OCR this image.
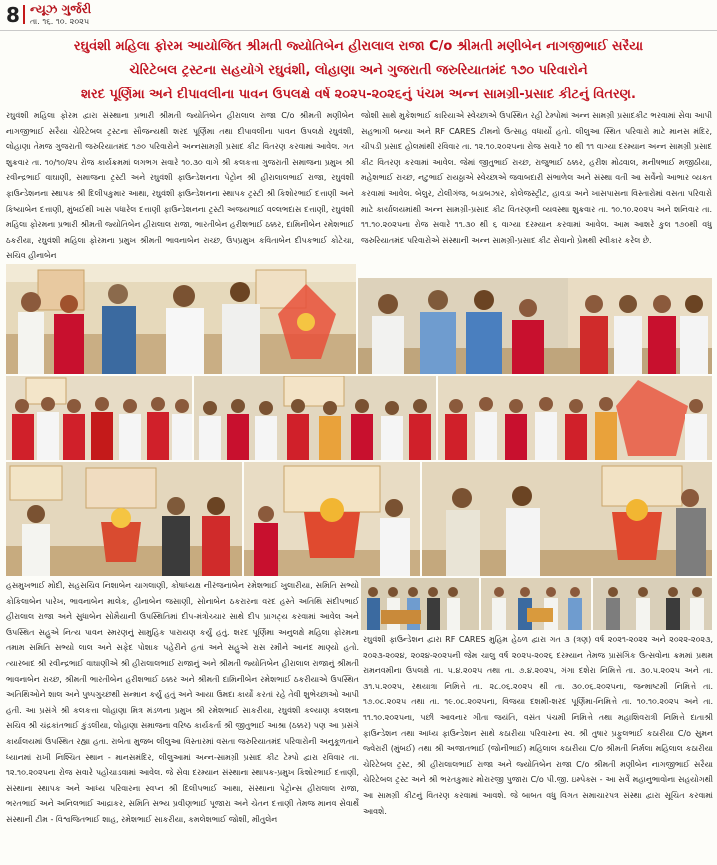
8 ન્યૂઝ ગુર્જરી
તા. ૧૬. ૧૦. ૨૦૨૫
રઘુવંશી મહિલા ફોરમ આયોજિત શ્રીમતી જ્યોતિબેન હીરાલાલ રાજા C/o શ્રીમતી મણીબેન નાગજીભાઈ સરૈયા
ચેરિટેબલ ટ્રસ્ટના સહયોગે રઘુવંશી, લોહાણા અને ગુજરાતી જરુરિયાતમંદ ૧૭૦ પરિવારોને
શરદ પૂર્ણિમા અને દીપાવલીના પાવન ઉપલક્ષે વર્ષ ૨૦૨૫-૨૦૨૬નું પંચમ અન્ન સામગ્રી-પ્રસાદ કીટનું વિતરણ.
રઘુવંશી મહિલા ફોરમ દ્વારા સંસ્થાના પ્રભારી શ્રીમતી જ્યોતિબેન હીરાલાલ રાજા C/o શ્રીમતી મણીબેન નાગજીભાઈ સરૈયા ચેરિટેબલ ટ્રસ્ટના સૌજન્યથી શરદ પૂર્ણિમા તથા દીપાવલીના પાવન ઉપલક્ષે રઘુવંશી, લોહાણા તેમજ ગુજરાતી જરુરિયાતમંદ ૧૭૦ પરિવારોને અન્નસામગ્રી પ્રસાદ કીટ વિતરણ કરવામાં આવેલ. ગત શુક્રવાર તા. ૧૦/૧૦/૨૫ રોજ કાર્યક્રમમાં લગભગ સવારે ૧૦.૩૦ વાગે શ્રી કલકત્તા ગુજરાતી સમાજના પ્રમુખ શ્રી રવીન્દ્રભાઈ વાઘાણી, સમાજના ટ્રસ્ટી અને રઘુવંશી ફાઉન્ડેશનના પેટ્રોન શ્રી હીરાલાલભાઈ રાજા, રઘુવંશી ફાઉન્ડેશનના સ્થાપક શ્રી દિલીપકુમાર આથા, રઘુવંશી ફાઉન્ડેશનના સ્થાપક ટ્રસ્ટી શ્રી કિશોરભાઈ દત્તાણી અને કિષ્યાબેન દત્તાણી, મુંબઈથી ખાસ પધારેલ દત્તાણી ફાઉન્ડેશનના ટ્રસ્ટી અજયભાઈ વલ્લભદાસ દત્તાણી, રઘુવંશી મહિલા ફોરમના પ્રભારી શ્રીમતી જ્યોતિબેન હીરાલાલ રાજા, ભારતીબેન હરીશભાઈ ઠક્કર, દામિનીબેન રમેશભાઈ ઠકરીયા, રઘુવંશી મહિલા ફોરમના પ્રમુખ શ્રીમતી ભાવનાબેન રાચ્છ, ઉપપ્રમુખ કવિતાબેન દીપકભાઈ કોટેચા, સચિવ હીનાબેન
જોશી સાથે મુકેશભાઈ કારિયાએ સ્વેચ્છાએ ઉપસ્થિત રહી ટેમ્પોમાં અન્ન સામગ્રી પ્રસાદકીટ ભરવામાં સેવા આપી સહભાગી બન્યા અને RF CARES ટીમનો ઉત્સાહ વધાર્યો હતો. લીલુઆ સ્થિત પરિવારો માટે માનસ મંદિર, ચીપડી પ્રસાદ હોલમાંથી રવિવાર તા. ૧૨.૧૦.૨૦૨૫ના રોજ સવારે ૧૦ થી ૧૧ વાગ્યા દરમ્યાન અન્ન સામગ્રી પ્રસાદ કીટ વિતરણ કરવામાં આવેલ. જેમાં જીતુભાઈ રાચ્છ, રાજુભાઈ ઠક્કર, હરીશ મોઢવાલ, મનીષભાઈ મજીઠીયા, મહેશભાઈ રાચ્છ, નટુભાઈ રાયઠ્ઠાએ સ્વેચ્છાએ જવાબદારી સંભાળેલ અને સંસ્થા વતી આ સર્વેનો આભાર વ્યક્ત કરવામાં આવેલ. બેલુર, ટોલીગંજ, બડાબઝાર, કોલેજસ્ટ્રીટ, હાવડા અને ખાસપાસના વિસ્તારોમાં વસતા પરિવારો માટે કાર્યાલયમાંથી અન્ન સામગ્રી-પ્રસાદ કીટ વિતરણની વ્યવસ્થા શુક્રવાર તા. ૧૦.૧૦.૨૦૨૫ અને શનિવાર તા. ૧૧.૧૦.૨૦૨૫ના રોજ સવારે ૧૧.૩૦ થી ૬ વાગ્યા દરમ્યાન કરવામાં આવેલ. આમ આશરે કુલ ૧૭૦થી વધુ જરુરિયાતમંદ પરિવારોએ સંસ્થાની અન્ન સામગ્રી-પ્રસાદ કીટ સેવાનો પ્રેમથી સ્વીકાર કરેલ છે.
હસમુખભાઈ મોદી, સહસચિવ નિશાબેન ચાગલાણી, કોષાધ્યક્ષ નીરંજનાબેન રમેશભાઈ ખુલારીયા, સમિતિ સભ્યો કોકિલાબેન પારેખ, ભાવનાબેન માલેક, હીનાબેન જસાણી, સોનાબેન ઠકરારના વરદ હસ્તે અતિથિ સંદીપભાઈ હીરાલાલ રાજા અને સુધાબેન સોમૈયાની ઉપસ્થિતિમાં દીપ-મંત્રોચ્ચાર સાથે દીપ પ્રાગટ્ય કરવામાં આવેલ અને ઉપસ્થિત સહુએ નિત્ય પાવન સ્મરણનું સામુહિક પારાયણ કર્યું હતું. શરદ પૂર્ણિમા અનુલક્ષે મહિલા ફોરમના તમામ સમિતિ સભ્યો લાલ અને સફેદ પોશાક પહેરીને હતાં અને સહુએ રાસ રમીને આનંદ માણ્યો હતો. ત્યારબાદ શ્રી રવીન્દ્રભાઈ વાઘાણીએ શ્રી હીરાલાલભાઈ રાજાનું અને શ્રીમતી જ્યોતિબેન હીરાલાલ રાજાનું શ્રીમતી ભાવનાબેન રાચ્છ, શ્રીમતી ભારતીબેન હરીશભાઈ ઠક્કર અને શ્રીમતી દામિનીબેન રમેશભાઈ ઠકરીયાએ ઉપસ્થિત અતિથિઓને શાલ અને પુષ્પગુચ્છથી સન્માન કર્યું હતું અને આયા ઉમદા કાર્યો કરતાં રહે તેવી શુભેચ્છાઓ આપી હતી. આ પ્રસંગે શ્રી કલકત્તા લોહાણા મિત્ર મંડળના પ્રમુખ શ્રી રમેશભાઈ સાકરીયા, રઘુવંશી કલ્યાણ કલશના સચિવ શ્રી ચંદ્રકાંતભાઈ કુંડલીયા, લોહાણા સમાજના વરિષ્ઠ કાર્યકર્તા શ્રી જીતુભાઈ આશ્રા (ઠક્કર) પણ આ પ્રસંગે કાર્યાલયમાં ઉપસ્થિત રહ્યા હતા. રાબેતા મુજબ લીલુઆ વિસ્તારમાં વસતા જરુરિયાતમંદ પરિવારોની અનુકૂળતાને ધ્યાનમાં રાખી નિશ્ચિત સ્થાન - માનસમંદિર, લીલુઆમાં અન્ન-સામગ્રી પ્રસાદ કીટ ટેમ્પો દ્વારા રવિવાર તા. ૧૨.૧૦.૨૦૨૫ના રોજ સવારે પહોંચાડવામાં આવેલ. જે સેવા દરમ્યાન સંસ્થાના સ્થાપક-પ્રમુખ કિશોરભાઈ દત્તાણી, સંસ્થાના સ્થાપક અને આધ્ય પરિવારના સ્વપ્ન શ્રી દિલીપભાઈ આથા, સંસ્થાના પેટ્રોન્સ હીરાલાલ રાજા, ભરતભાઈ અને અનિલભાઈ આદ્રાકર, સમિતિ સભ્ય પ્રવીણભાઈ પૂજારા અને ચેતન દત્તાણી તેમજ માનવ સેવાર્થે સંસ્થાની ટીમ - વિશ્વજિતભાઈ શાહ, રમેશભાઈ સાકરીયા, કમલેશભાઈ જોશી, મીતુલેન
રઘુવંશી ફાઉન્ડેશન દ્વારા RF CARES મુહિમ હેઠળ દ્વારા ગત ૩ (ત્રણ) વર્ષ ૨૦૨૧-૨૦૨૨ અને ૨૦૨૨-૨૦૨૩, ૨૦૨૩-૨૦૨૪, ૨૦૨૪-૨૦૨૫ની જેમ ચાલુ વર્ષ ૨૦૨૫-૨૦૨૬ દરમ્યાન તેમજ પ્રાસંગિક ઉત્સવોના ક્રમમાં પ્રથમ રામનવમીના ઉપલક્ષે તા. ૫.૪.૨૦૨૫ તથા તા. ૭.૪.૨૦૨૫, ગંગા દશેરા નિમિત્તે તા. ૩૦.૫.૨૦૨૫ અને તા. ૩૧.૫.૨૦૨૫, રથયાત્રા નિમિત્તે તા. ૨૮.૦૬.૨૦૨૫ થી તા. ૩૦.૦૬.૨૦૨૫ના, જન્માષ્ટમી નિમિત્તે તા. ૧૭.૦૮.૨૦૨૫ તથા તા. ૧૯.૦૮.૨૦૨૫ના, વિજયા દશમી-શરદ પૂર્ણિમા-નિમિત્તે તા. ૧૦.૧૦.૨૦૨૫ અને તા. ૧૧.૧૦.૨૦૨૫ના, પછી આવનાર ગીતા જયંતિ, વસંત પંચમી નિમિત્તે તથા મહાશિવરાત્રી નિમિત્તે દાતાશ્રી ફાઉન્ડેશન તથા આધ્ય ફાઉન્ડેશન સાથે કઠારીયા પરિવારના સ્વ. શ્રી તુષાર પ્રફુલભાઈ કઠારીયા C/o સુમન જ્વેરારી (મુંબઈ) તથા શ્રી અજાતભાઈ (જોનીભાઈ) મહિલાલ કઠારીયા C/o શ્રીમતી નિર્મલા મહિલાલ કઠારીયા ચેરિટેબલ ટ્રસ્ટ, શ્રી હીરાલાલભાઈ રાજા અને જ્યોતિબેન રાજા C/o શ્રીમતી મણીબેન નાગજીભાઈ સરૈયા ચેરિટેબલ ટ્રસ્ટ અને શ્રી ભરતકુમાર મોરારજી પુજારા C/o પી.જી. ઇમ્પેક્સ - આ સર્વે મહાનુભાવોના સહયોગથી આ સામગ્રી કીટનું વિતરણ કરવામાં આવશે. જે બાબત વધુ વિગત સમાચારપત્ર સંસ્થા દ્વારા સૂચિત કરવામાં આવશે.
